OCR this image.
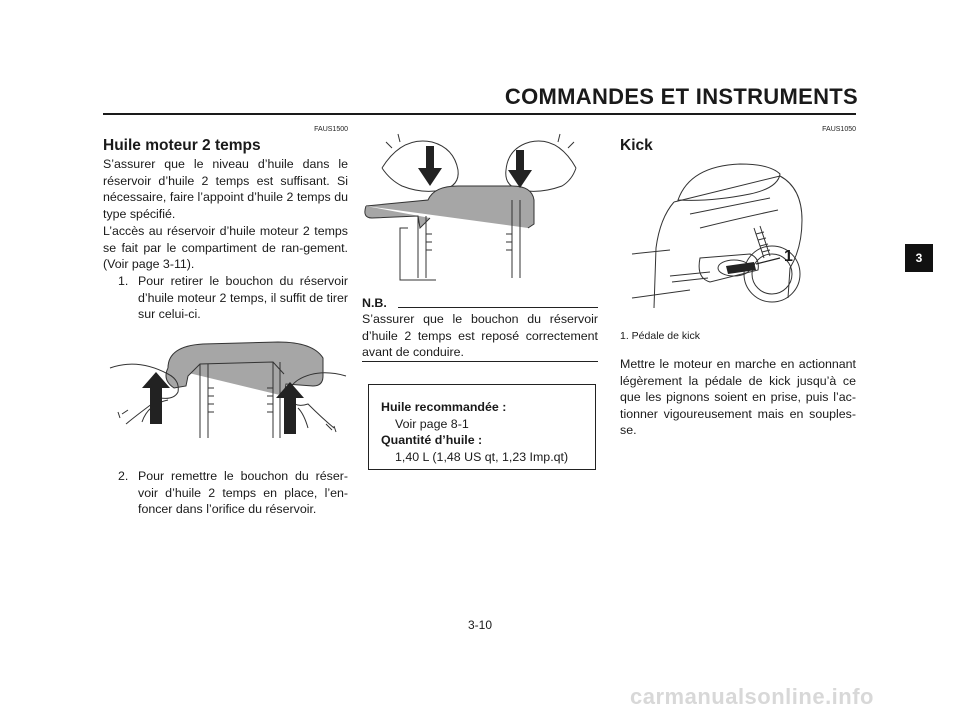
COMMANDES ET INSTRUMENTS
3
FAUS1500
Huile moteur 2 temps
S’assurer que le niveau d’huile dans le réservoir d’huile 2 temps est suffisant. Si nécessaire, faire l’appoint d’huile 2 temps du type spécifié.
L’accès au réservoir d’huile moteur 2 temps se fait par le compartiment de ran-gement. (Voir page 3-11).
1. Pour retirer le bouchon du réservoir d’huile moteur 2 temps, il suffit de tirer sur celui-ci.
2. Pour remettre le bouchon du réser-voir d’huile 2 temps en place, l’en-foncer dans l’orifice du réservoir.
N.B.
S’assurer que le bouchon du réservoir d’huile 2 temps est reposé correctement avant de conduire.
Huile recommandée :
Voir page 8-1
Quantité d’huile :
1,40 L (1,48 US qt, 1,23 Imp.qt)
FAUS1050
Kick
1
1. Pédale de kick
Mettre le moteur en marche en actionnant légèrement la pédale de kick jusqu’à ce que les pignons soient en prise, puis l’ac-tionner vigoureusement mais en souples-se.
3-10
carmanualsonline.info
